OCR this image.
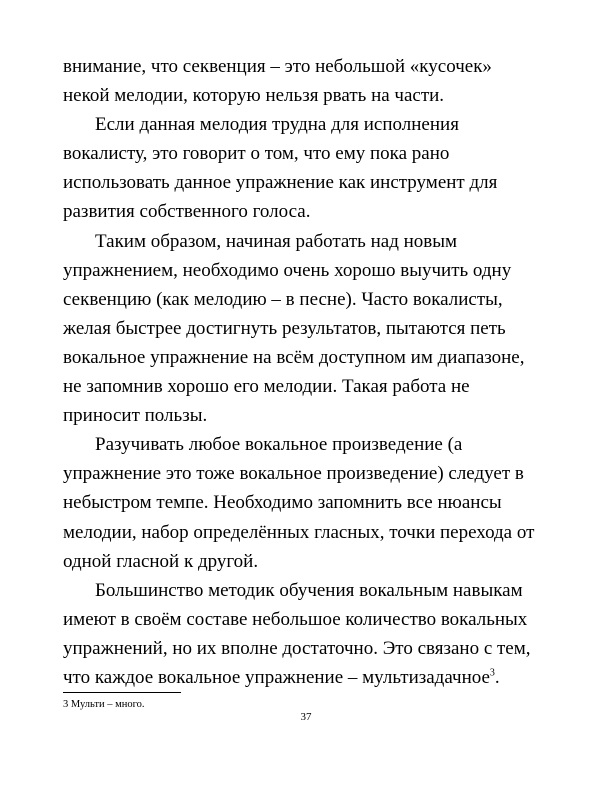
внимание, что секвенция – это небольшой «кусочек»
некой мелодии, которую нельзя рвать на части.

Если данная мелодия трудна для исполнения
вокалисту, это говорит о том, что ему пока рано
использовать данное упражнение как инструмент для
развития собственного голоса.

Таким образом, начиная работать над новым
упражнением, необходимо очень хорошо выучить одну
секвенцию (как мелодию – в песне). Часто вокалисты,
желая быстрее достигнуть результатов, пытаются петь
вокальное упражнение на всём доступном им диапазоне,
не запомнив хорошо его мелодии. Такая работа не
приносит пользы.

Разучивать любое вокальное произведение (а
упражнение это тоже вокальное произведение) следует в
небыстром темпе. Необходимо запомнить все нюансы
мелодии, набор определённых гласных, точки перехода от
одной гласной к другой.

Большинство методик обучения вокальным навыкам
имеют в своём составе небольшое количество вокальных
упражнений, но их вполне достаточно. Это связано с тем,
что каждое вокальное упражнение – мультизадачное$^3$.

3 Мульти – много.
37
